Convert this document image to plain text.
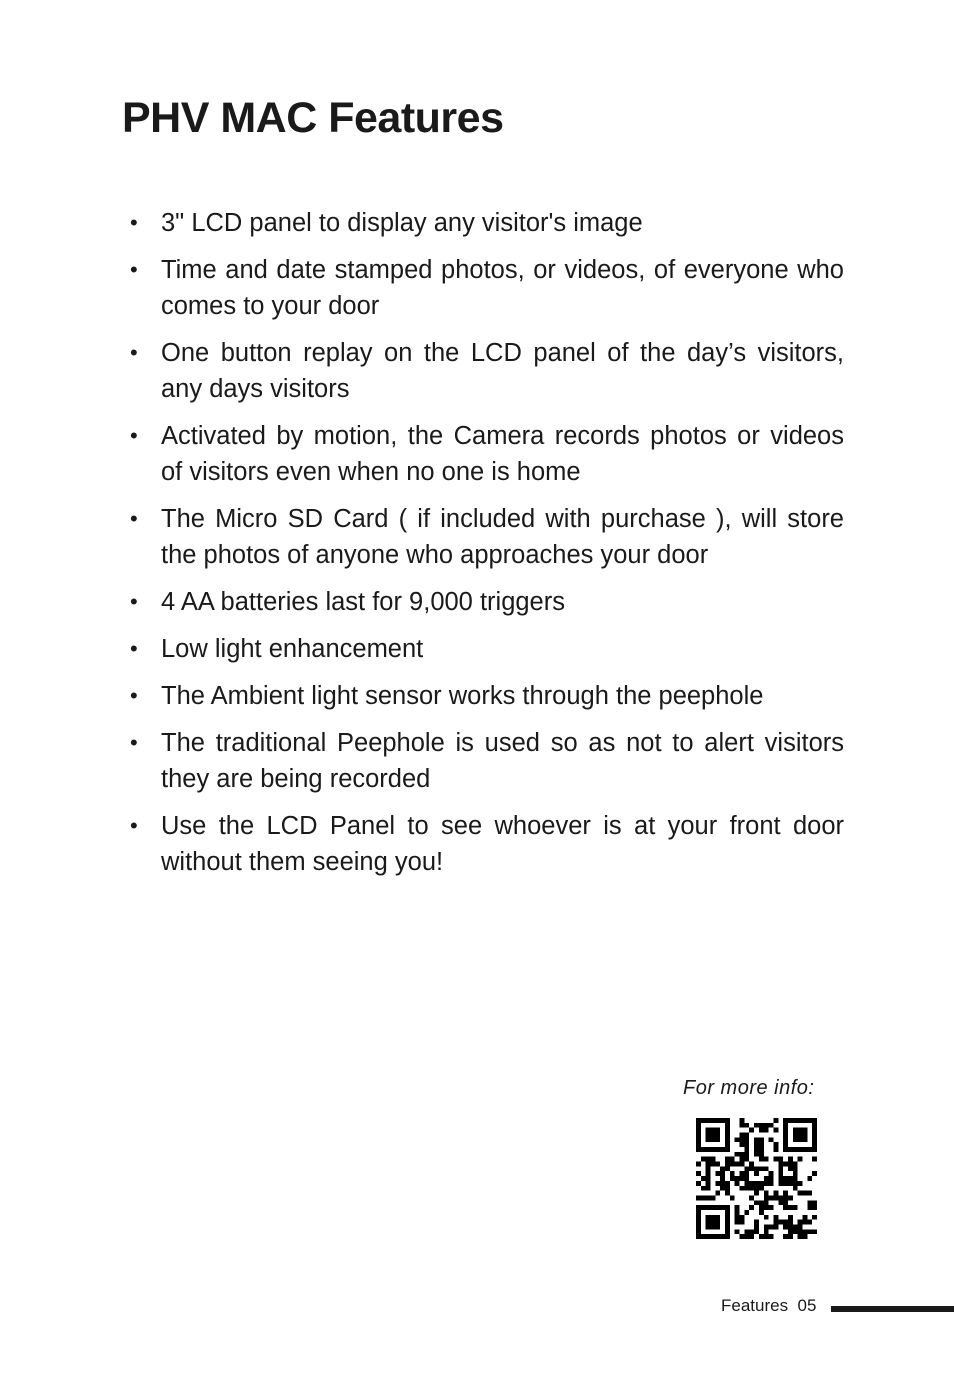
PHV MAC Features
• 3" LCD panel to display any visitor's image
• Time and date stamped photos, or videos, of everyone who comes to your door
• One button replay on the LCD panel of the day’s visitors, any days visitors
• Activated by motion, the Camera records photos or videos of visitors even when no one is home
• The Micro SD Card ( if included with purchase ), will store the photos of anyone who approaches your door
• 4 AA batteries last for 9,000 triggers
• Low light enhancement
• The Ambient light sensor works through the peephole
• The traditional Peephole is used so as not to alert visitors they are being recorded
• Use the LCD Panel to see whoever is at your front door without them seeing you!
For more info:
Features 05
